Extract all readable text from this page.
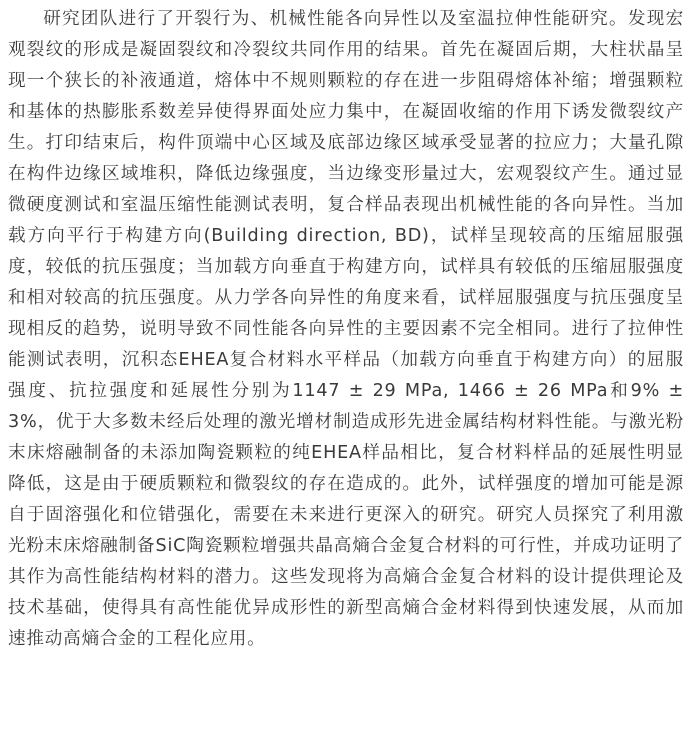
研究团队进行了开裂行为、机械性能各向异性以及室温拉伸性能研究。发现宏观裂纹的形成是凝固裂纹和冷裂纹共同作用的结果。首先在凝固后期，大柱状晶呈现一个狭长的补液通道，熔体中不规则颗粒的存在进一步阻碍熔体补缩；增强颗粒和基体的热膨胀系数差异使得界面处应力集中，在凝固收缩的作用下诱发微裂纹产生。打印结束后，构件顶端中心区域及底部边缘区域承受显著的拉应力；大量孔隙在构件边缘区域堆积，降低边缘强度，当边缘变形量过大，宏观裂纹产生。通过显微硬度测试和室温压缩性能测试表明，复合样品表现出机械性能的各向异性。当加载方向平行于构建方向(Building direction, BD)，试样呈现较高的压缩屈服强度，较低的抗压强度；当加载方向垂直于构建方向，试样具有较低的压缩屈服强度和相对较高的抗压强度。从力学各向异性的角度来看，试样屈服强度与抗压强度呈现相反的趋势，说明导致不同性能各向异性的主要因素不完全相同。进行了拉伸性能测试表明，沉积态EHEA复合材料水平样品（加载方向垂直于构建方向）的屈服强度、抗拉强度和延展性分别为1147 ± 29 MPa, 1466 ± 26 MPa和9% ± 3%，优于大多数未经后处理的激光增材制造成形先进金属结构材料性能。与激光粉末床熔融制备的未添加陶瓷颗粒的纯EHEA样品相比，复合材料样品的延展性明显降低，这是由于硬质颗粒和微裂纹的存在造成的。此外，试样强度的增加可能是源自于固溶强化和位错强化，需要在未来进行更深入的研究。研究人员探究了利用激光粉末床熔融制备SiC陶瓷颗粒增强共晶高熵合金复合材料的可行性，并成功证明了其作为高性能结构材料的潜力。这些发现将为高熵合金复合材料的设计提供理论及技术基础，使得具有高性能优异成形性的新型高熵合金材料得到快速发展，从而加速推动高熵合金的工程化应用。
